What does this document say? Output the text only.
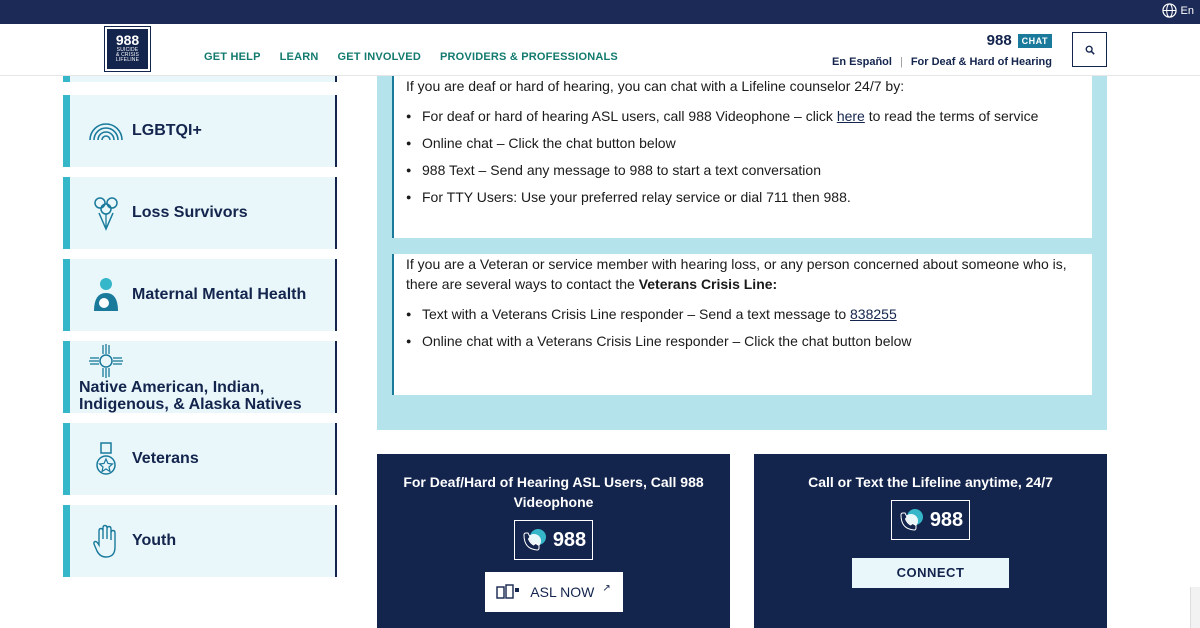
En
988
SUICIDE
& CRISIS
LIFELINE	GET HELP LEARN GET INVOLVED PROVIDERS & PROFESSIONALS
988	CHAT
En Español | For Deaf & Hard of Hearing
LGBTQI+
Loss Survivors
Maternal Mental Health
Native American, Indian,
Indigenous, & Alaska Natives
Veterans
Youth

If you are deaf or hard of hearing, you can chat with a Lifeline counselor 24/7 by:

● For deaf or hard of hearing ASL users, call 988 Videophone – click here to read the terms of service
● Online chat – Click the chat button below
● 988 Text – Send any message to 988 to start a text conversation
● For TTY Users: Use your preferred relay service or dial 711 then 988.

If you are a Veteran or service member with hearing loss, or any person concerned about someone who is, there are several ways to contact the Veterans Crisis Line:

● Text with a Veterans Crisis Line responder – Send a text message to 838255
● Online chat with a Veterans Crisis Line responder – Click the chat button below
For Deaf/Hard of Hearing ASL Users, Call 988 Videophone
988

ASL NOW ↗
Call or Text the Lifeline anytime, 24/7
988
CONNECT
